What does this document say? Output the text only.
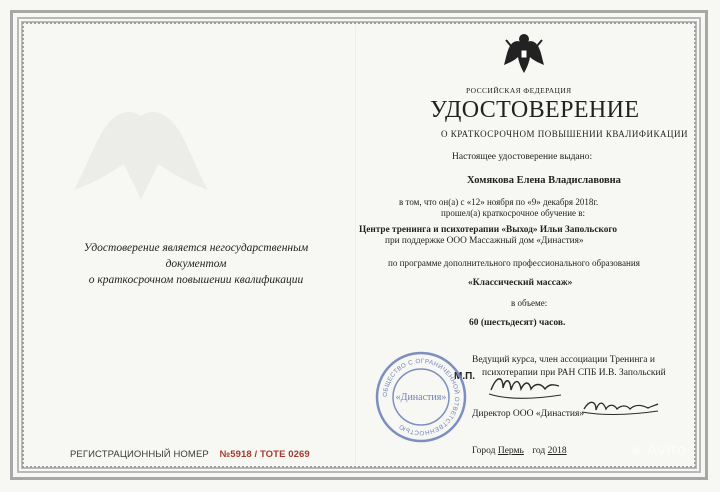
Удостоверение является негосударственным документом
о краткосрочном повышении квалификации
РЕГИСТРАЦИОННЫЙ НОМЕР №5918 / ТОТЕ 0269
РОССИЙСКАЯ ФЕДЕРАЦИЯ
УДОСТОВЕРЕНИЕ
О КРАТКОСРОЧНОМ ПОВЫШЕНИИ КВАЛИФИКАЦИИ
Настоящее удостоверение выдано:
Хомякова Елена Владиславовна
в том, что он(а) с «12» ноября по «9» декабря 2018г.
прошел(а) краткосрочное обучение в:
Центре тренинга и психотерапии «Выход» Ильи Запольского
при поддержке ООО Массажный дом «Династия»
по программе дополнительного профессионального образования
«Классический массаж»
в объеме:
60 (шестьдесят) часов.
Ведущий курса, член ассоциации Тренинга и
психотерапии при РАН СПБ И.В. Запольский
М.П.
ОБЩЕСТВО С ОГРАНИЧЕННОЙ ОТВЕТСТВЕННОСТЬЮ
«Династия»
Директор ООО «Династия»
Город Пермь год 2018	Avito
